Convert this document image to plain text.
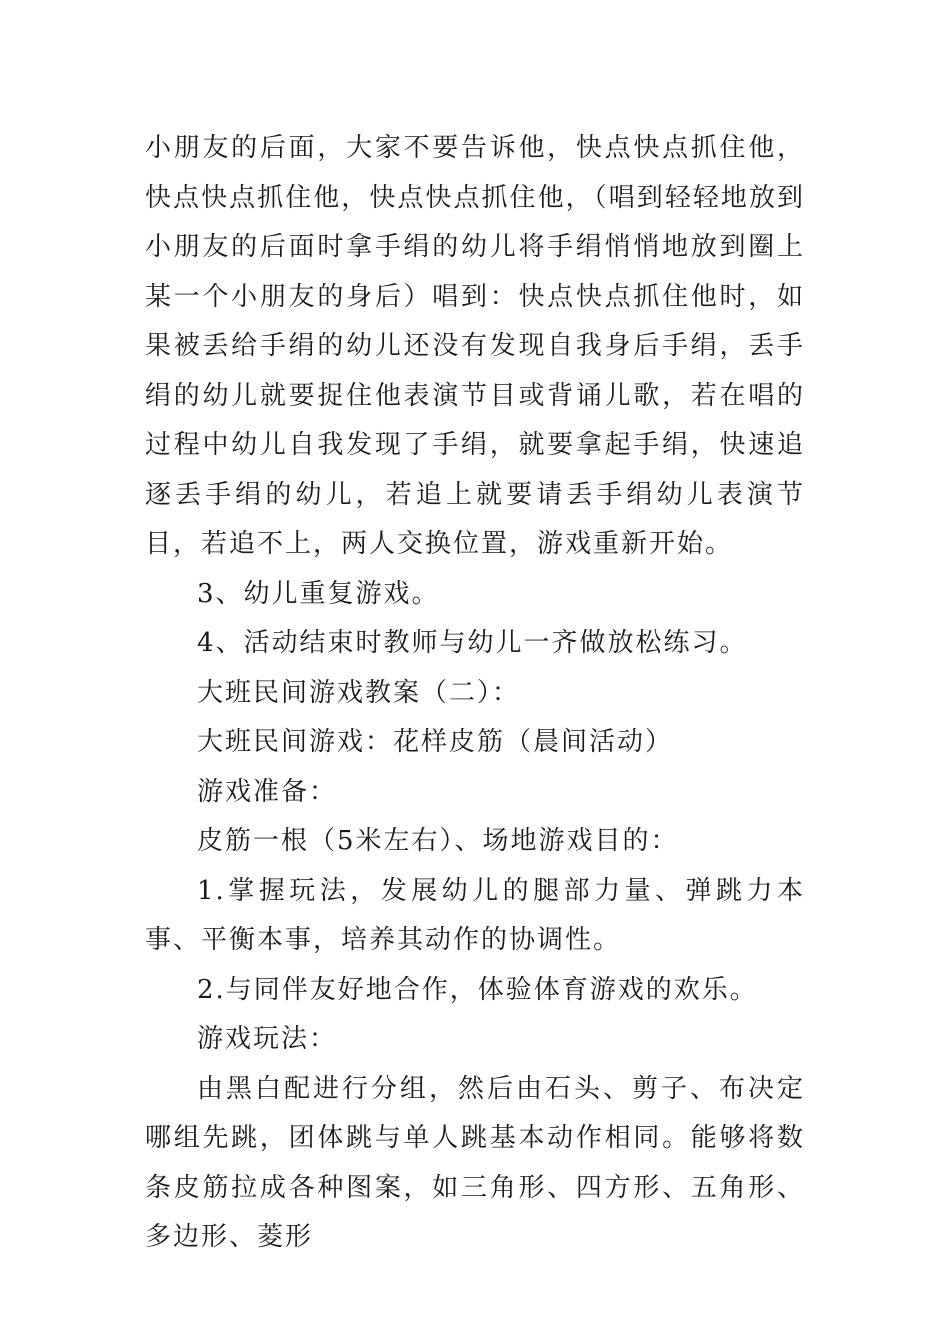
小朋友的后面，大家不要告诉他，快点快点抓住他，快点快点抓住他，快点快点抓住他，（唱到轻轻地放到小朋友的后面时拿手绢的幼儿将手绢悄悄地放到圈上某一个小朋友的身后）唱到：快点快点抓住他时，如果被丢给手绢的幼儿还没有发现自我身后手绢，丢手绢的幼儿就要捉住他表演节目或背诵儿歌，若在唱的过程中幼儿自我发现了手绢，就要拿起手绢，快速追逐丢手绢的幼儿，若追上就要请丢手绢幼儿表演节目，若追不上，两人交换位置，游戏重新开始。

3、幼儿重复游戏。

4、活动结束时教师与幼儿一齐做放松练习。

大班民间游戏教案（二）：

大班民间游戏：花样皮筋（晨间活动）

游戏准备：

皮筋一根（5米左右）、场地游戏目的：

1.掌握玩法，发展幼儿的腿部力量、弹跳力本事、平衡本事，培养其动作的协调性。

2.与同伴友好地合作，体验体育游戏的欢乐。

游戏玩法：

由黑白配进行分组，然后由石头、剪子、布决定哪组先跳，团体跳与单人跳基本动作相同。能够将数条皮筋拉成各种图案，如三角形、四方形、五角形、多边形、菱形
